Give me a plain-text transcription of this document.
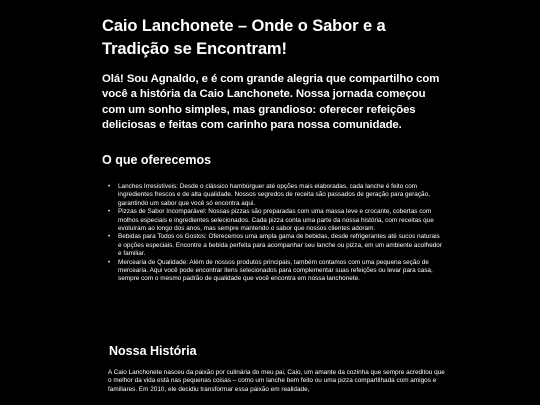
Caio Lanchonete – Onde o Sabor e a Tradição se Encontram!

Olá! Sou Agnaldo, e é com grande alegria que compartilho com você a história da Caio Lanchonete. Nossa jornada começou com um sonho simples, mas grandioso: oferecer refeições deliciosas e feitas com carinho para nossa comunidade.

O que oferecemos
• Lanches Irresistíveis: Desde o clássico hambúrguer até opções mais elaboradas, cada lanche é feito com ingredientes frescos e de alta qualidade. Nossos segredos de receita são passados de geração para geração, garantindo um sabor que você só encontra aqui.
• Pizzas de Sabor Incomparável: Nossas pizzas são preparadas com uma massa leve e crocante, cobertas com molhos especiais e ingredientes selecionados. Cada pizza conta uma parte da nossa história, com receitas que evoluíram ao longo dos anos, mas sempre mantendo o sabor que nossos clientes adoram.
• Bebidas para Todos os Gostos: Oferecemos uma ampla gama de bebidas, desde refrigerantes até sucos naturais e opções especiais. Encontre a bebida perfeita para acompanhar seu lanche ou pizza, em um ambiente acolhedor e familiar.
• Mercearia de Qualidade: Além de nossos produtos principais, também contamos com uma pequena seção de mercearia. Aqui você pode encontrar itens selecionados para complementar suas refeições ou levar para casa, sempre com o mesmo padrão de qualidade que você encontra em nossa lanchonete.
Nossa História

A Caio Lanchonete nasceu da paixão por culinária do meu pai, Caio, um amante da cozinha que sempre acreditou que o melhor da vida está nas pequenas coisas – como um lanche bem feito ou uma pizza compartilhada com amigos e familiares. Em 2010, ele decidiu transformar essa paixão em realidade,
